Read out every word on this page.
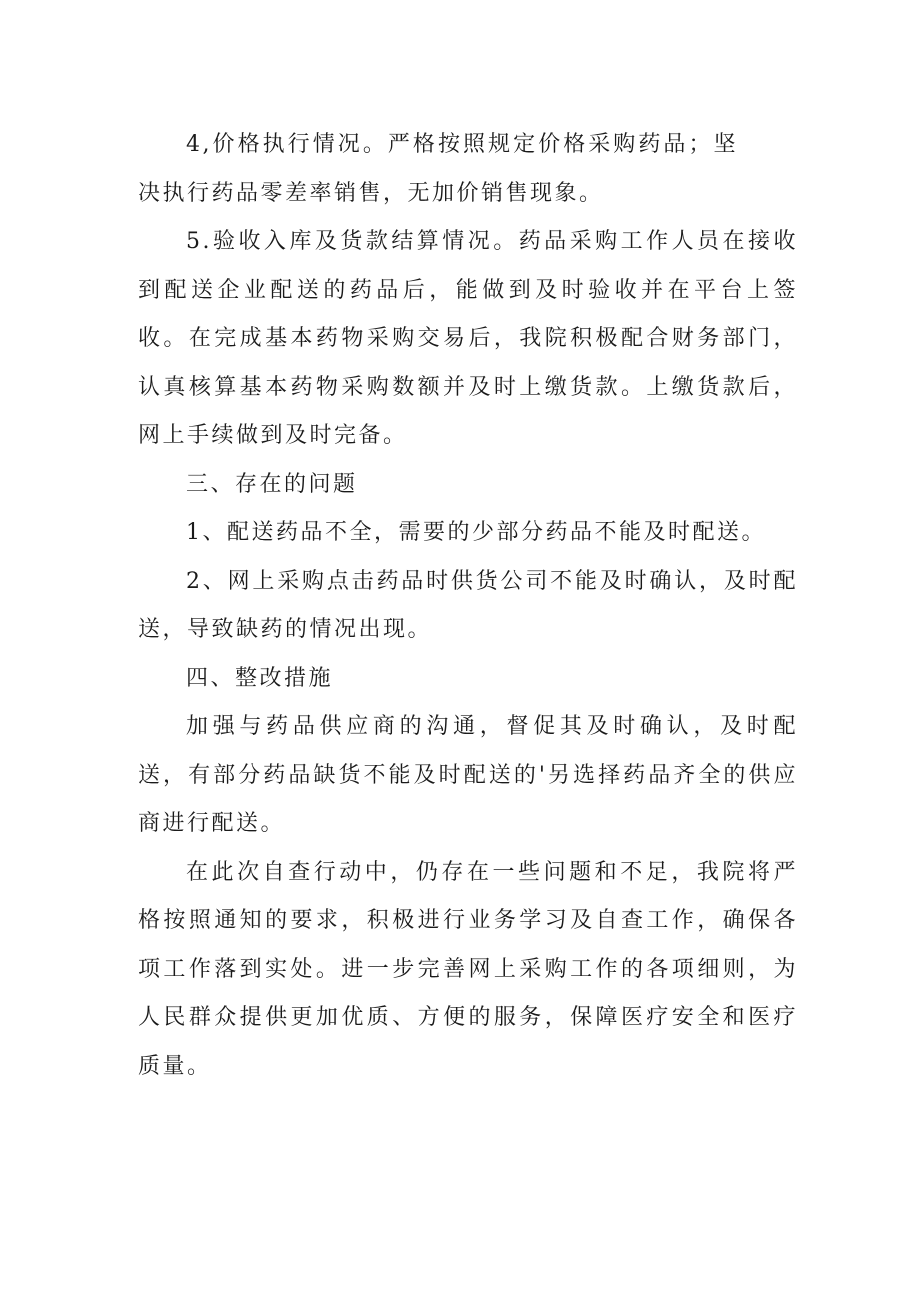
4,价格执行情况。严格按照规定价格采购药品；坚决执行药品零差率销售，无加价销售现象。

5.验收入库及货款结算情况。药品采购工作人员在接收到配送企业配送的药品后，能做到及时验收并在平台上签收。在完成基本药物采购交易后，我院积极配合财务部门，认真核算基本药物采购数额并及时上缴货款。上缴货款后，网上手续做到及时完备。

三、存在的问题

1、配送药品不全，需要的少部分药品不能及时配送。

2、网上采购点击药品时供货公司不能及时确认，及时配送，导致缺药的情况出现。

四、整改措施

加强与药品供应商的沟通，督促其及时确认，及时配送，有部分药品缺货不能及时配送的'另选择药品齐全的供应商进行配送。

在此次自查行动中，仍存在一些问题和不足，我院将严格按照通知的要求，积极进行业务学习及自查工作，确保各项工作落到实处。进一步完善网上采购工作的各项细则，为人民群众提供更加优质、方便的服务，保障医疗安全和医疗质量。
